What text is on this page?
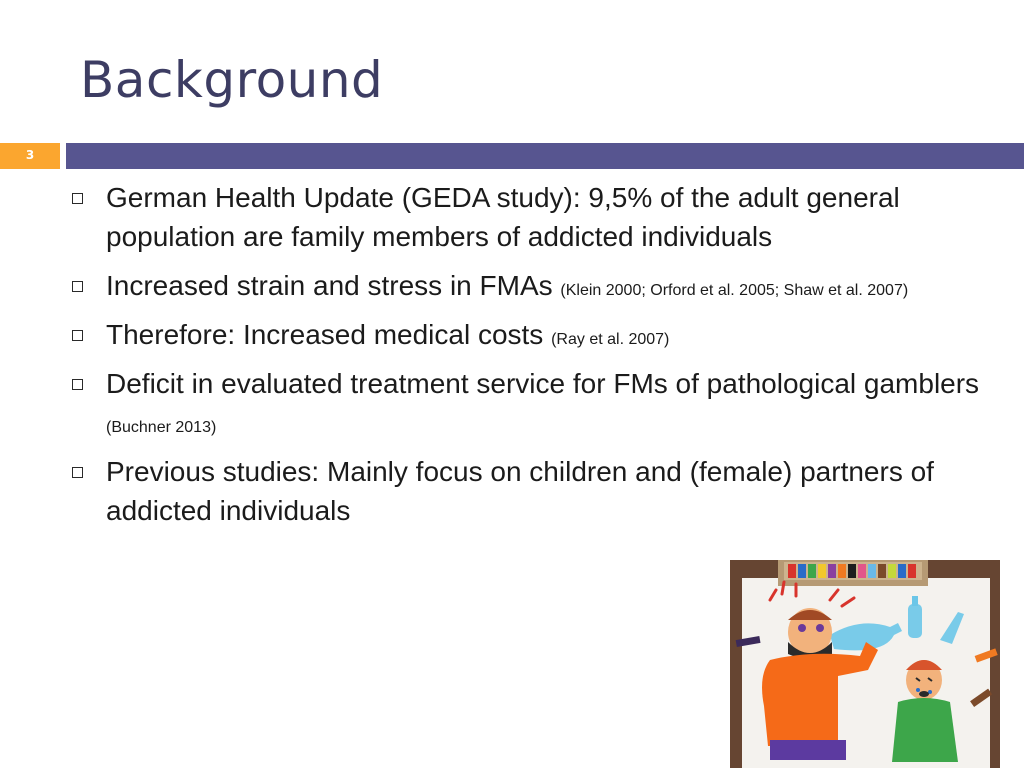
Background
3
German Health Update (GEDA study): 9,5% of the adult general population are family members of addicted individuals
Increased strain and stress in FMAs (Klein 2000; Orford et al. 2005; Shaw et al. 2007)
Therefore: Increased medical costs (Ray et al. 2007)
Deficit in evaluated treatment service for FMs of pathological gamblers (Buchner 2013)
Previous studies: Mainly focus on children and (female) partners of addicted individuals
